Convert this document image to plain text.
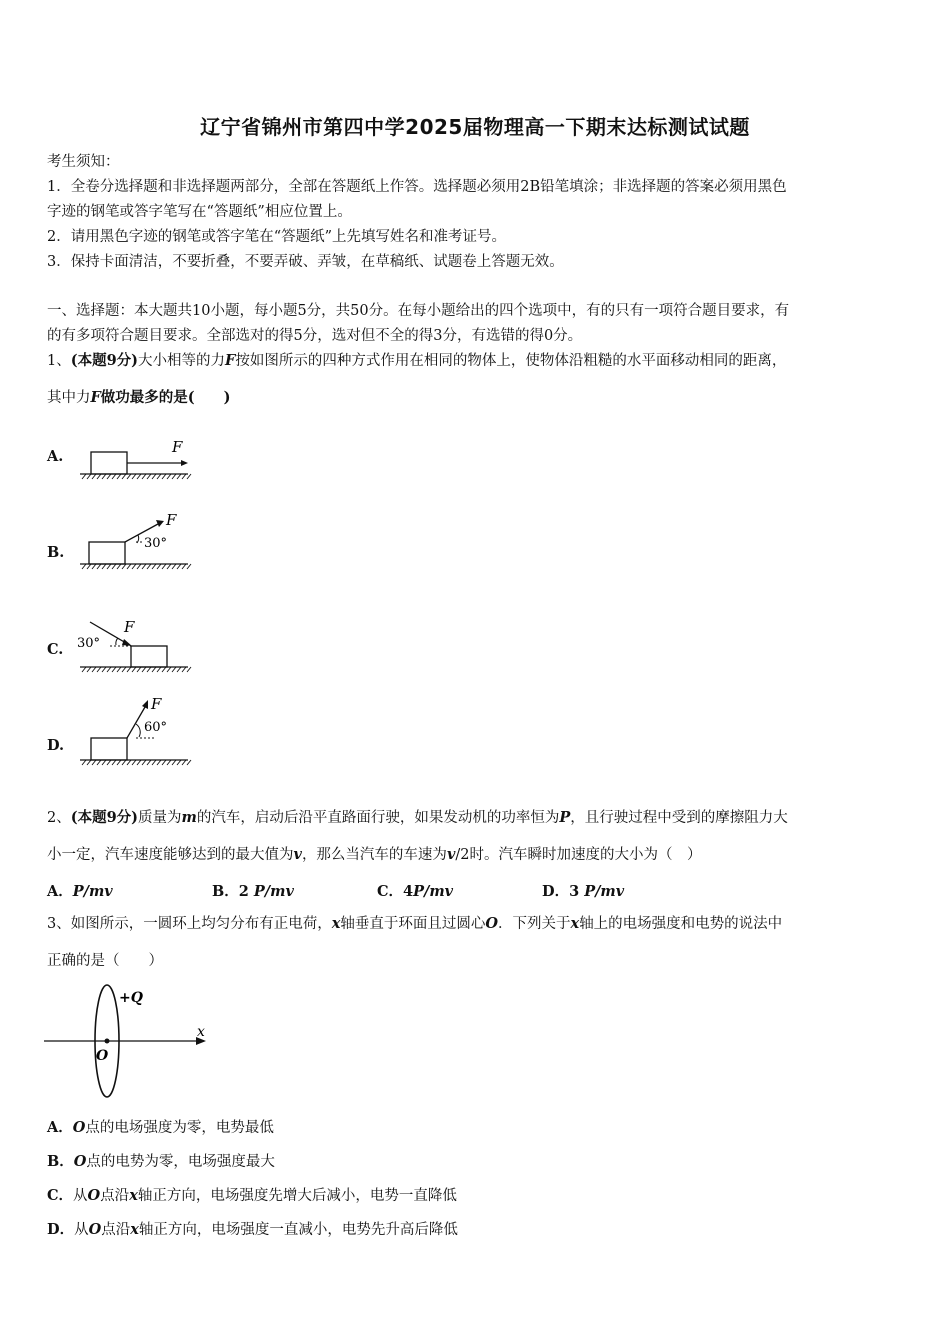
辽宁省锦州市第四中学2025届物理高一下期末达标测试试题
考生须知：
1．全卷分选择题和非选择题两部分，全部在答题纸上作答。选择题必须用2B铅笔填涂；非选择题的答案必须用黑色
字迹的钢笔或答字笔写在“答题纸”相应位置上。
2．请用黑色字迹的钢笔或答字笔在“答题纸”上先填写姓名和准考证号。
3．保持卡面清洁，不要折叠，不要弄破、弄皱，在草稿纸、试题卷上答题无效。
一、选择题：本大题共10小题，每小题5分，共50分。在每小题给出的四个选项中，有的只有一项符合题目要求，有
的有多项符合题目要求。全部选对的得5分，选对但不全的得3分，有选错的得0分。
1、(本题9分)大小相等的力F按如图所示的四种方式作用在相同的物体上，使物体沿粗糙的水平面移动相同的距离，
其中力F做功最多的是(　　)
A.
F
B.
F
30°
C.
F
30°
D.
F
60°
2、(本题9分)质量为m的汽车，启动后沿平直路面行驶，如果发动机的功率恒为P，且行驶过程中受到的摩擦阻力大
小一定，汽车速度能够达到的最大值为v，那么当汽车的车速为v/2时。汽车瞬时加速度的大小为（　）
A．P/mv	B．2 P/mv	C．4P/mv	D．3 P/mv
3、如图所示，一圆环上均匀分布有正电荷，x轴垂直于环面且过圆心O．下列关于x轴上的电场强度和电势的说法中
正确的是（　　）
+Q
x
O
A．O点的电场强度为零，电势最低
B．O点的电势为零，电场强度最大
C．从O点沿x轴正方向，电场强度先增大后减小，电势一直降低
D．从O点沿x轴正方向，电场强度一直减小，电势先升高后降低
